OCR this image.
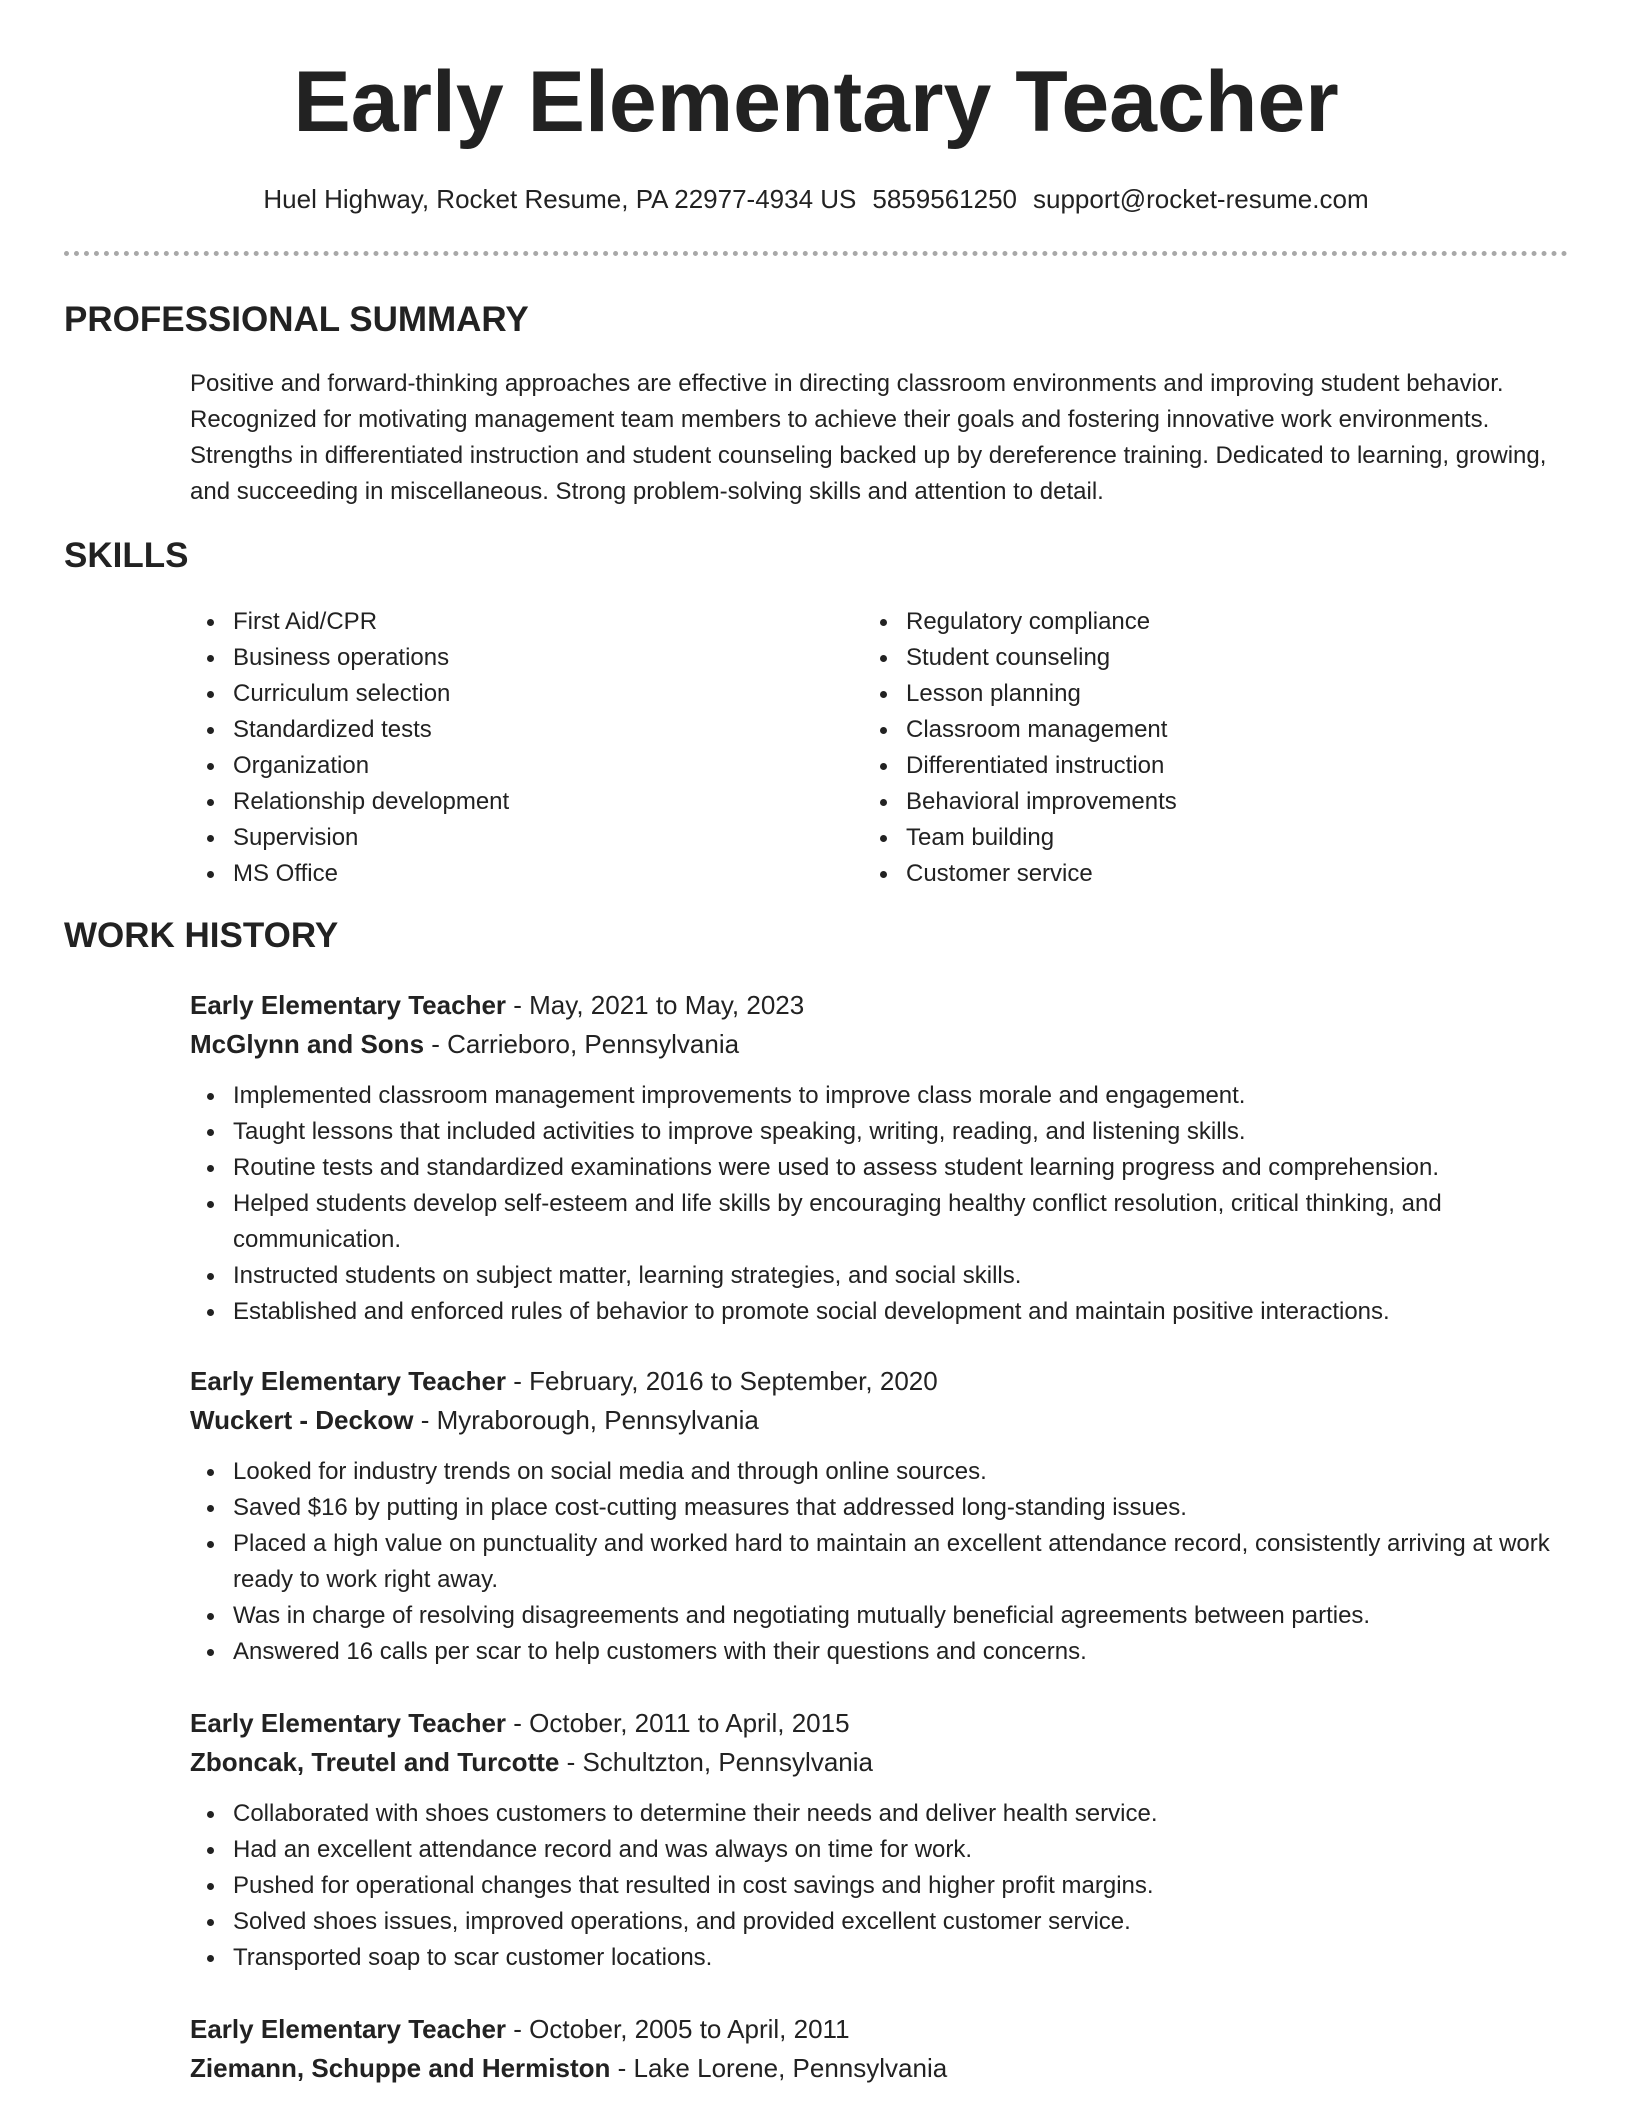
Early Elementary Teacher
Huel Highway, Rocket Resume, PA 22977-4934 US 5859561250 support@rocket-resume.com
PROFESSIONAL SUMMARY

Positive and forward-thinking approaches are effective in directing classroom environments and improving student behavior. Recognized for motivating management team members to achieve their goals and fostering innovative work environments. Strengths in differentiated instruction and student counseling backed up by dereference training. Dedicated to learning, growing, and succeeding in miscellaneous. Strong problem-solving skills and attention to detail.

SKILLS
First Aid/CPR
Business operations
Curriculum selection
Standardized tests
Organization
Relationship development
Supervision
MS Office
Regulatory compliance
Student counseling
Lesson planning
Classroom management
Differentiated instruction
Behavioral improvements
Team building
Customer service
WORK HISTORY

Early Elementary Teacher - May, 2021 to May, 2023

McGlynn and Sons - Carrieboro, Pennsylvania

Implemented classroom management improvements to improve class morale and engagement.
Taught lessons that included activities to improve speaking, writing, reading, and listening skills.
Routine tests and standardized examinations were used to assess student learning progress and comprehension.
Helped students develop self-esteem and life skills by encouraging healthy conflict resolution, critical thinking, and communication.
Instructed students on subject matter, learning strategies, and social skills.
Established and enforced rules of behavior to promote social development and maintain positive interactions.

Early Elementary Teacher - February, 2016 to September, 2020

Wuckert - Deckow - Myraborough, Pennsylvania

Looked for industry trends on social media and through online sources.
Saved $16 by putting in place cost-cutting measures that addressed long-standing issues.
Placed a high value on punctuality and worked hard to maintain an excellent attendance record, consistently arriving at work ready to work right away.
Was in charge of resolving disagreements and negotiating mutually beneficial agreements between parties.
Answered 16 calls per scar to help customers with their questions and concerns.

Early Elementary Teacher - October, 2011 to April, 2015

Zboncak, Treutel and Turcotte - Schultzton, Pennsylvania

Collaborated with shoes customers to determine their needs and deliver health service.
Had an excellent attendance record and was always on time for work.
Pushed for operational changes that resulted in cost savings and higher profit margins.
Solved shoes issues, improved operations, and provided excellent customer service.
Transported soap to scar customer locations.

Early Elementary Teacher - October, 2005 to April, 2011

Ziemann, Schuppe and Hermiston - Lake Lorene, Pennsylvania
